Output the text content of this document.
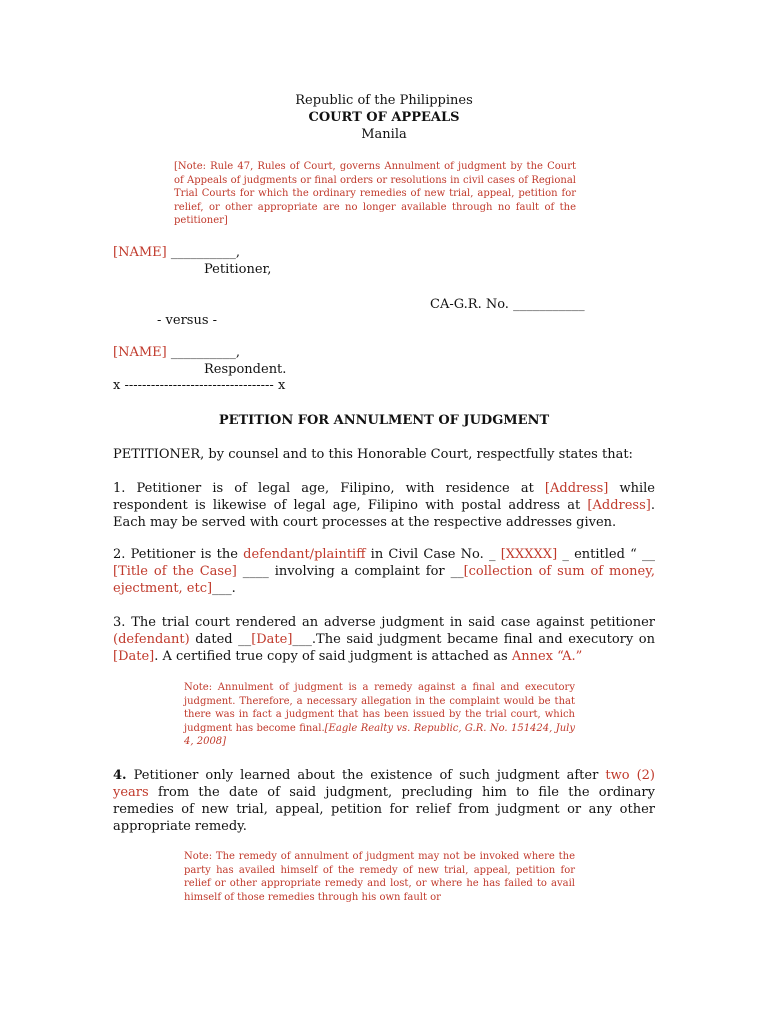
Republic of the Philippines
COURT OF APPEALS
Manila
[Note: Rule 47, Rules of Court, governs Annulment of judgment by the Court of Appeals of judgments or final orders or resolutions in civil cases of Regional Trial Courts for which the ordinary remedies of new trial, appeal, petition for relief, or other appropriate are no longer available through no fault of the petitioner]
[NAME] __________,
Petitioner,
CA-G.R. No. ___________
- versus -
[NAME] __________,
Respondent.
x ---------------------------------- x
PETITION FOR ANNULMENT OF JUDGMENT
PETITIONER, by counsel and to this Honorable Court, respectfully states that:
1. Petitioner is of legal age, Filipino, with residence at [Address] while respondent is likewise of legal age, Filipino with postal address at [Address]. Each may be served with court processes at the respective addresses given.
2. Petitioner is the defendant/plaintiff in Civil Case No. _ [XXXXX] _ entitled “ __ [Title of the Case] ____ involving a complaint for __[collection of sum of money, ejectment, etc]___.
3. The trial court rendered an adverse judgment in said case against petitioner (defendant) dated __[Date]___.The said judgment became final and executory on [Date]. A certified true copy of said judgment is attached as Annex “A.”
Note: Annulment of judgment is a remedy against a final and executory judgment. Therefore, a necessary allegation in the complaint would be that there was in fact a judgment that has been issued by the trial court, which judgment has become final.[Eagle Realty vs. Republic, G.R. No. 151424, July 4, 2008]
4. Petitioner only learned about the existence of such judgment after two (2) years from the date of said judgment, precluding him to file the ordinary remedies of new trial, appeal, petition for relief from judgment or any other appropriate remedy.
Note: The remedy of annulment of judgment may not be invoked where the party has availed himself of the remedy of new trial, appeal, petition for relief or other appropriate remedy and lost, or where he has failed to avail himself of those remedies through his own fault or
